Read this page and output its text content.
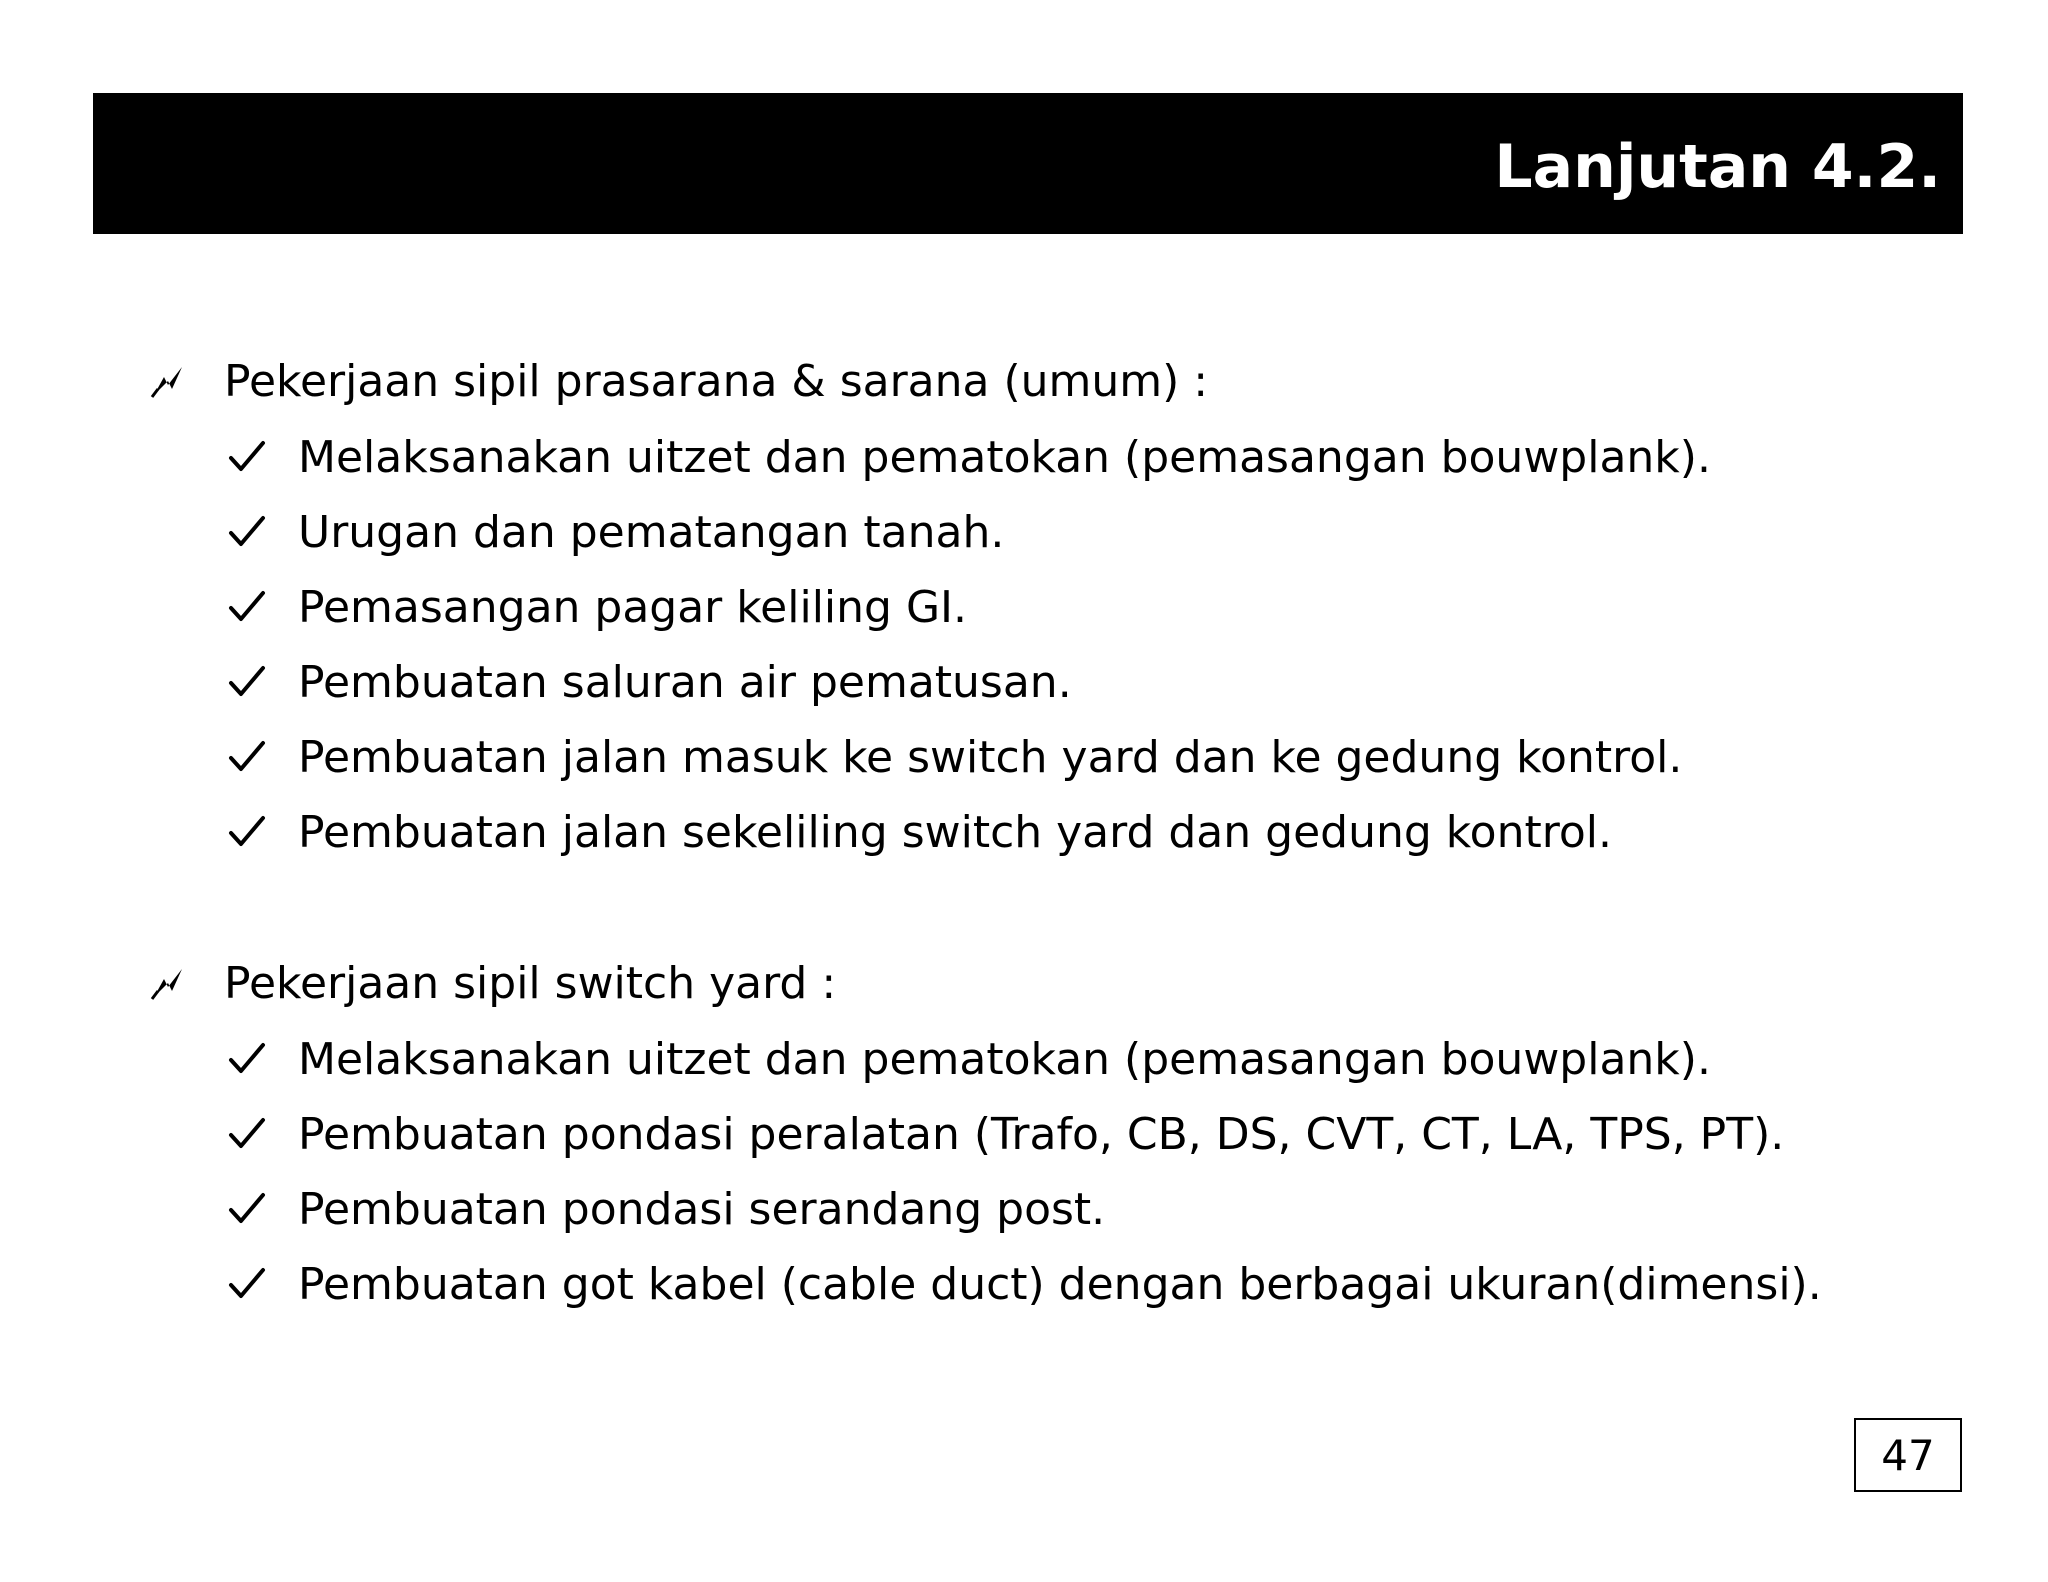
Lanjutan 4.2.
Pekerjaan sipil prasarana & sarana (umum) :
Melaksanakan uitzet dan pematokan (pemasangan bouwplank).
Urugan dan pematangan tanah.
Pemasangan pagar keliling GI.
Pembuatan saluran air pematusan.
Pembuatan jalan masuk ke switch yard dan ke gedung kontrol.
Pembuatan jalan sekeliling switch yard dan gedung kontrol.
Pekerjaan sipil switch yard :
Melaksanakan uitzet dan pematokan (pemasangan bouwplank).
Pembuatan pondasi peralatan (Trafo, CB, DS, CVT, CT, LA, TPS, PT).
Pembuatan pondasi serandang post.
Pembuatan got kabel (cable duct) dengan berbagai ukuran(dimensi).
47
